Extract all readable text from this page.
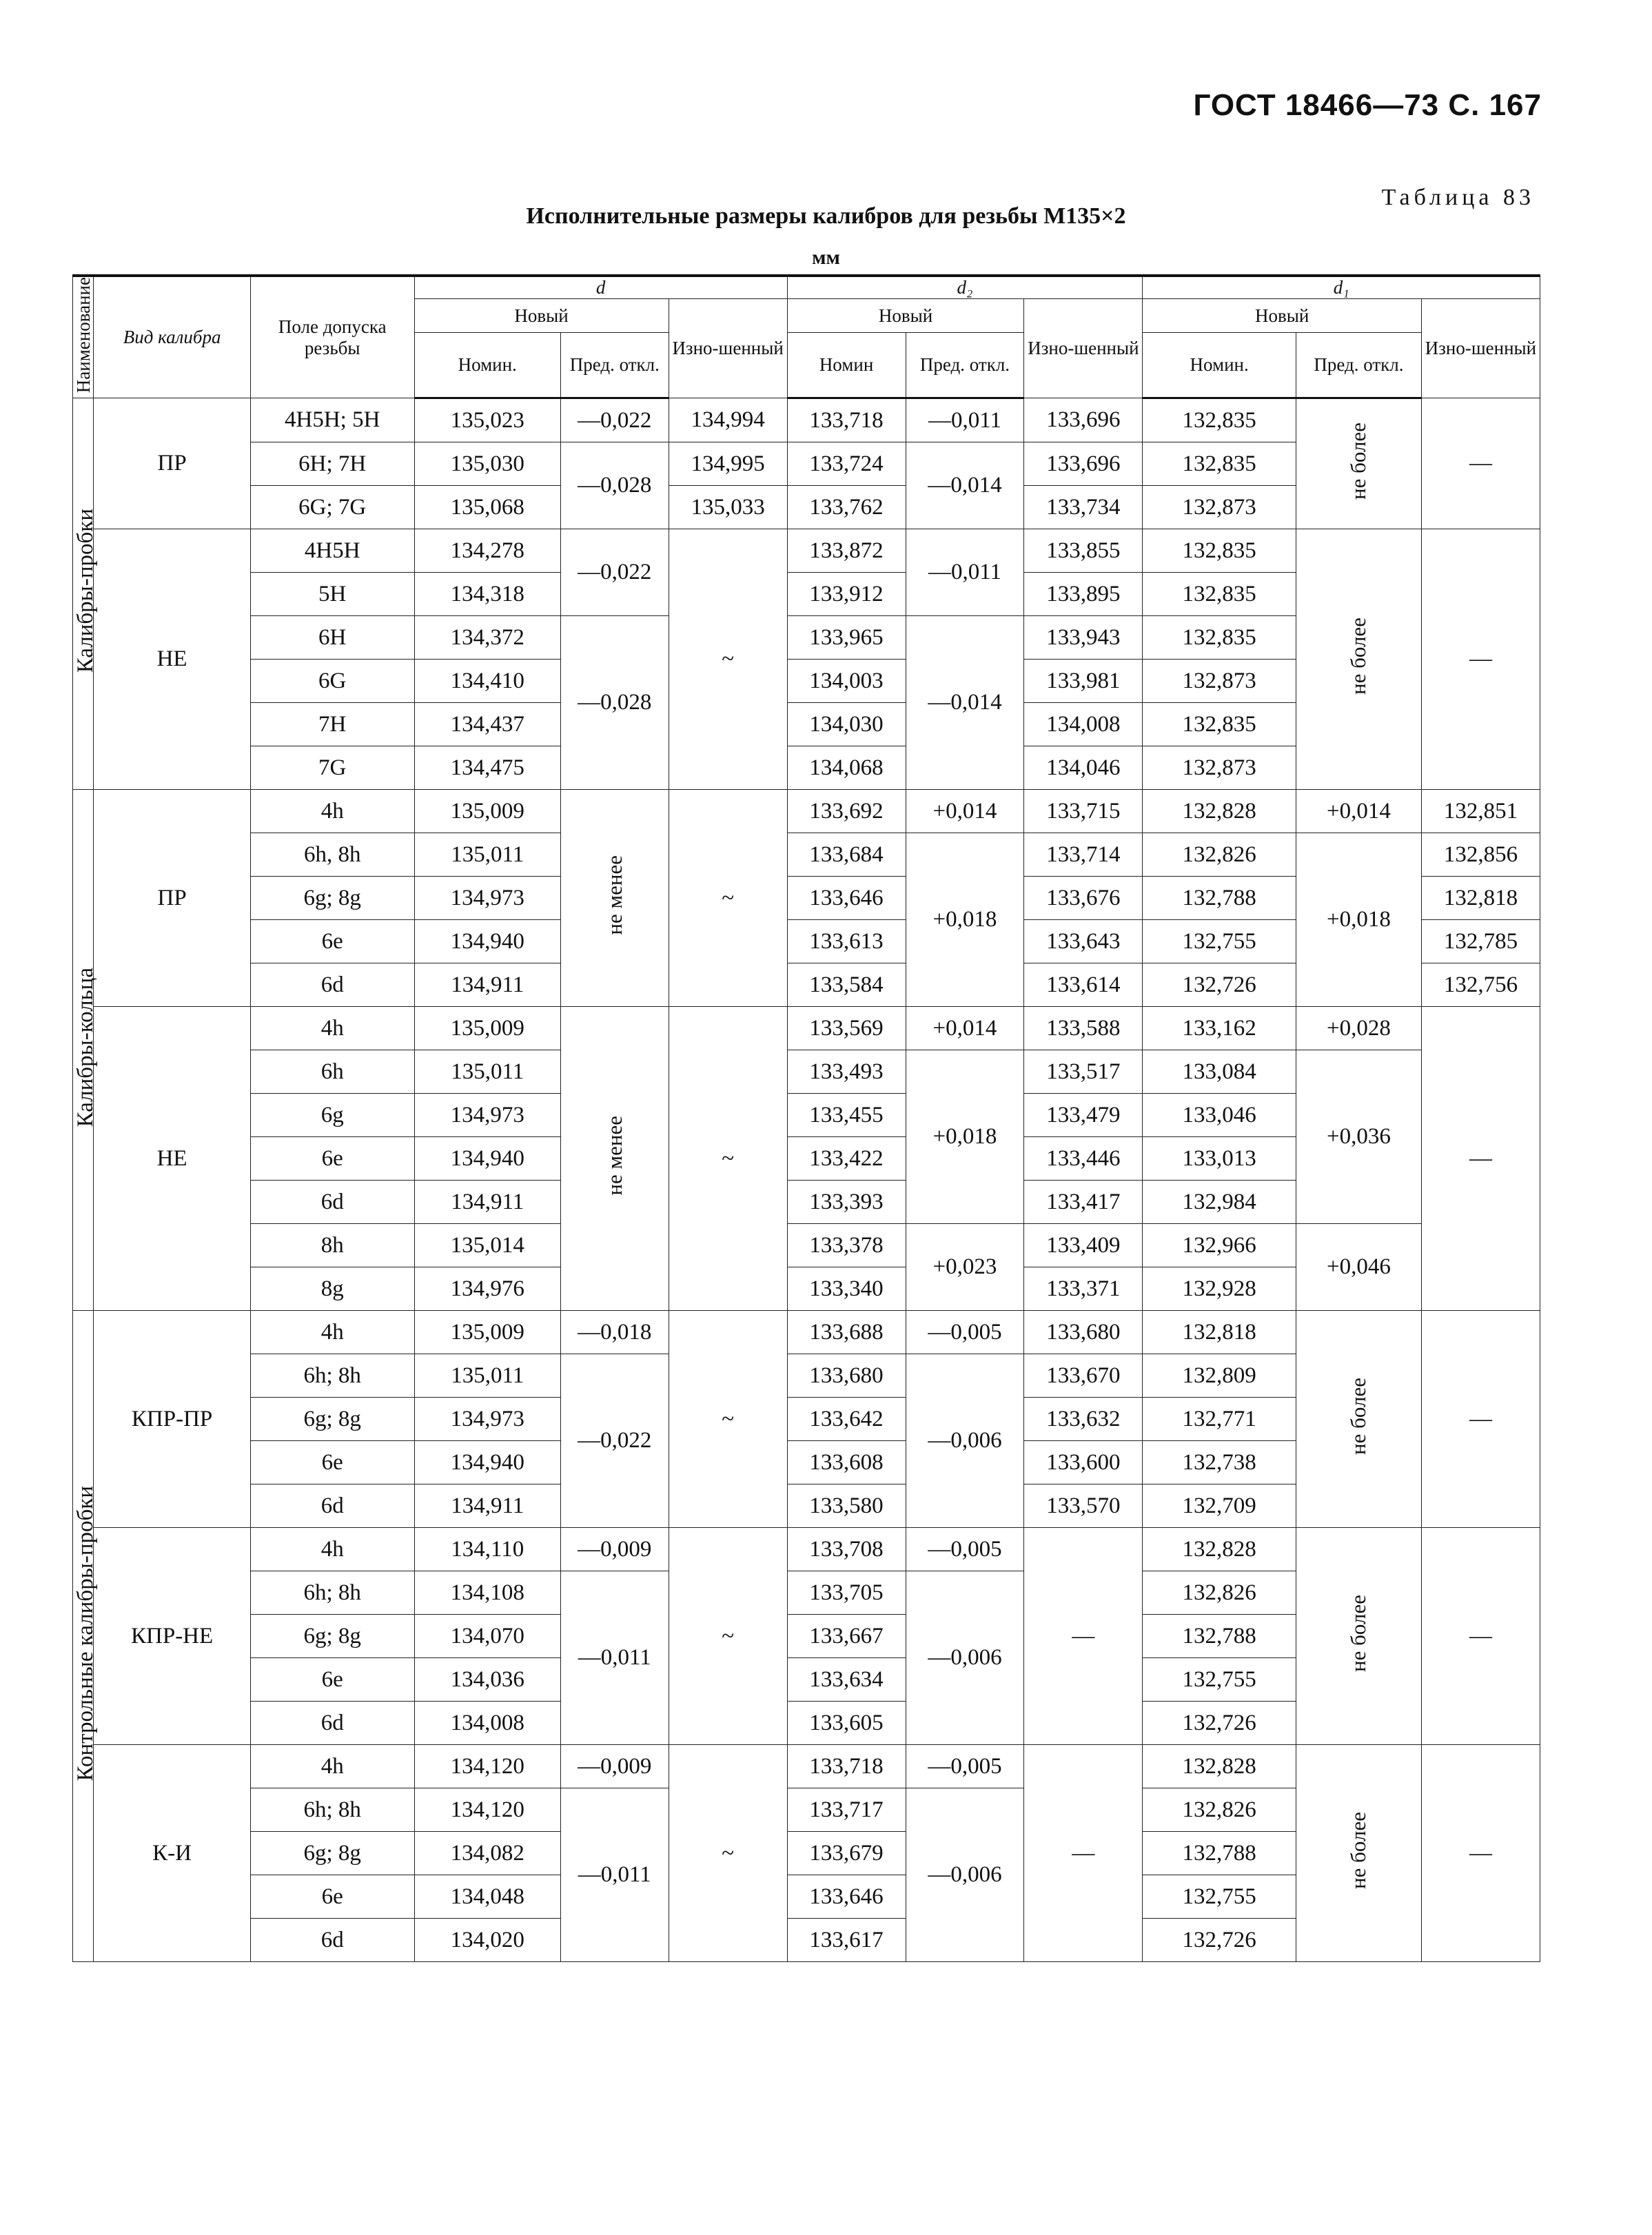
ГОСТ 18466—73 С. 167
Таблица 83
Исполнительные размеры калибров для резьбы М135×2
мм
Наименование	Вид калибра	Поле допуска резьбы	d			d₂			d₁		
			Новый		Изно-шенный	Новый		Изно-шенный	Новый		Изно-шенный
			Номин.	Пред. откл.		Номин	Пред. откл.		Номин.	Пред. откл.	
Калибры-пробки	ПР	4H5H; 5H	135,023	—0,022	134,994	133,718	—0,011	133,696	132,835	не более	—
		6H; 7H	135,030	—0,028	134,995	133,724	—0,014	133,696	132,835		
		6G; 7G	135,068		135,033	133,762		133,734	132,873		
	НЕ	4H5H	134,278	—0,022	~	133,872	—0,011	133,855	132,835	не более	—
		5H	134,318			133,912		133,895	132,835		
		6H	134,372	—0,028		133,965	—0,014	133,943	132,835		
		6G	134,410			134,003		133,981	132,873		
		7H	134,437			134,030		134,008	132,835		
		7G	134,475			134,068		134,046	132,873		
Калибры-кольца	ПР	4h	135,009	не менее	~	133,692	+0,014	133,715	132,828	+0,014	132,851
		6h, 8h	135,011			133,684	+0,018	133,714	132,826	+0,018	132,856
		6g; 8g	134,973			133,646		133,676	132,788		132,818
		6e	134,940			133,613		133,643	132,755		132,785
		6d	134,911			133,584		133,614	132,726		132,756
	НЕ	4h	135,009	не менее	~	133,569	+0,014	133,588	133,162	+0,028	—
		6h	135,011			133,493	+0,018	133,517	133,084	+0,036	
		6g	134,973			133,455		133,479	133,046		
		6e	134,940			133,422		133,446	133,013		
		6d	134,911			133,393		133,417	132,984		
		8h	135,014			133,378	+0,023	133,409	132,966	+0,046	
		8g	134,976			133,340		133,371	132,928		
Контрольные калибры-пробки	КПР-ПР	4h	135,009	—0,018	~	133,688	—0,005	133,680	132,818	не более	—
		6h; 8h	135,011	—0,022		133,680	—0,006	133,670	132,809		
		6g; 8g	134,973			133,642		133,632	132,771		
		6e	134,940			133,608		133,600	132,738		
		6d	134,911			133,580		133,570	132,709		
	КПР-НЕ	4h	134,110	—0,009	~	133,708	—0,005	—	132,828	не более	—
		6h; 8h	134,108	—0,011		133,705	—0,006		132,826		
		6g; 8g	134,070			133,667			132,788		
		6e	134,036			133,634			132,755		
		6d	134,008			133,605			132,726		
	К-И	4h	134,120	—0,009	~	133,718	—0,005	—	132,828	не более	—
		6h; 8h	134,120	—0,011		133,717	—0,006		132,826		
		6g; 8g	134,082			133,679			132,788		
		6e	134,048			133,646			132,755		
		6d	134,020			133,617			132,726		
